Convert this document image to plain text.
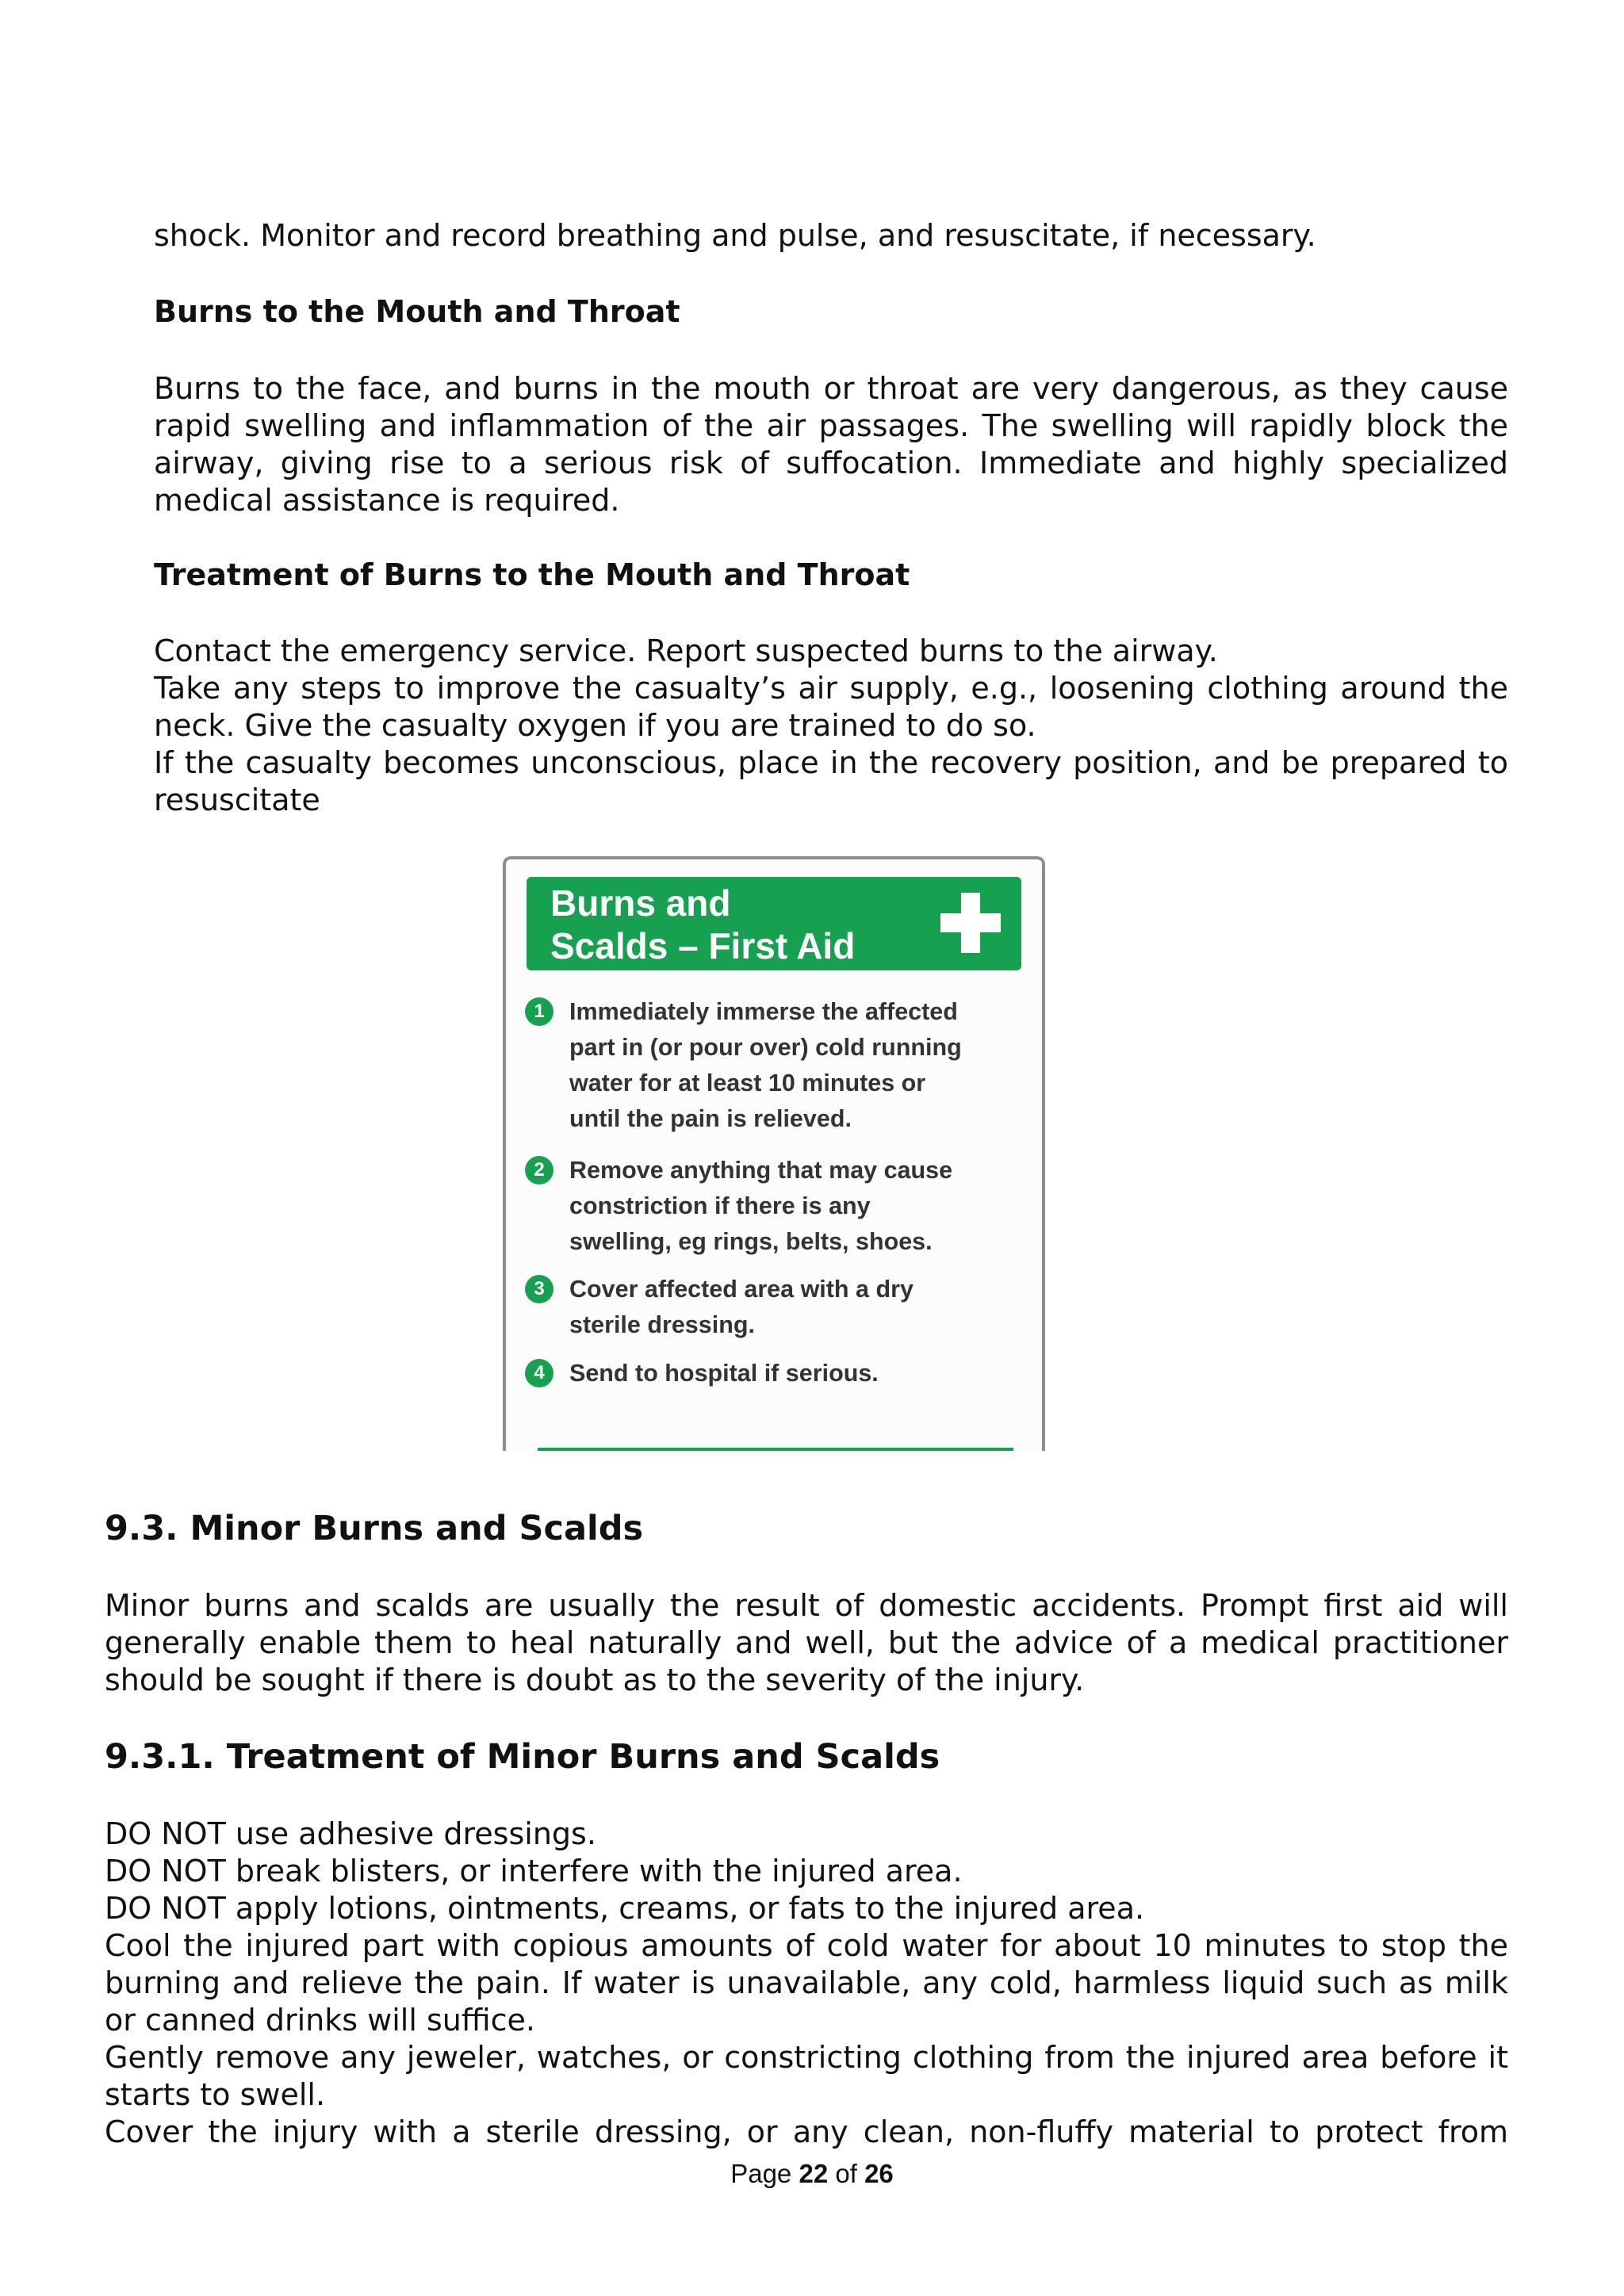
shock. Monitor and record breathing and pulse, and resuscitate, if necessary.
Burns to the Mouth and Throat
Burns to the face, and burns in the mouth or throat are very dangerous, as they cause
rapid swelling and inflammation of the air passages. The swelling will rapidly block the
airway, giving rise to a serious risk of suffocation. Immediate and highly specialized
medical assistance is required.
Treatment of Burns to the Mouth and Throat
Contact the emergency service. Report suspected burns to the airway.
Take any steps to improve the casualty’s air supply, e.g., loosening clothing around the
neck. Give the casualty oxygen if you are trained to do so.
If the casualty becomes unconscious, place in the recovery position, and be prepared to
resuscitate
Burns and
Scalds – First Aid
1	Immediately immerse the affected
part in (or pour over) cold running
water for at least 10 minutes or
until the pain is relieved.
2	Remove anything that may cause
constriction if there is any
swelling, eg rings, belts, shoes.
3	Cover affected area with a dry
sterile dressing.
4	Send to hospital if serious.
9.3. Minor Burns and Scalds
Minor burns and scalds are usually the result of domestic accidents. Prompt first aid will
generally enable them to heal naturally and well, but the advice of a medical practitioner
should be sought if there is doubt as to the severity of the injury.
9.3.1. Treatment of Minor Burns and Scalds
DO NOT use adhesive dressings.
DO NOT break blisters, or interfere with the injured area.
DO NOT apply lotions, ointments, creams, or fats to the injured area.
Cool the injured part with copious amounts of cold water for about 10 minutes to stop the
burning and relieve the pain. If water is unavailable, any cold, harmless liquid such as milk
or canned drinks will suffice.
Gently remove any jeweler, watches, or constricting clothing from the injured area before it
starts to swell.
Cover the injury with a sterile dressing, or any clean, non-fluffy material to protect from
Page 22 of 26
